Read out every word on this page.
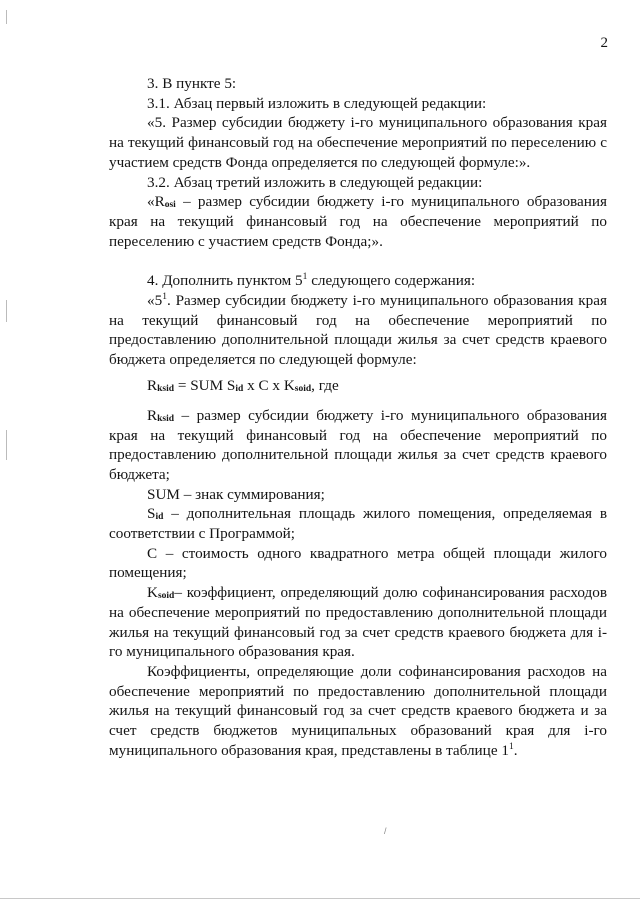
2

3. В пункте 5:

3.1. Абзац первый изложить в следующей редакции:

«5. Размер субсидии бюджету i-го муниципального образования края на текущий финансовый год на обеспечение мероприятий по переселению с участием средств Фонда определяется по следующей формуле:».

3.2. Абзац третий изложить в следующей редакции:

«$R_{osi}$ – размер субсидии бюджету i-го муниципального образования края на текущий финансовый год на обеспечение мероприятий по переселению с участием средств Фонда;».

4. Дополнить пунктом $5^1$ следующего содержания:

«$5^1$. Размер субсидии бюджету i-го муниципального образования края на текущий финансовый год на обеспечение мероприятий по предоставлению дополнительной площади жилья за счет средств краевого бюджета определяется по следующей формуле:

$R_{ksid}$ = SUM $S_{id}$ x C x $K_{soid}$, где

$R_{ksid}$ – размер субсидии бюджету i-го муниципального образования края на текущий финансовый год на обеспечение мероприятий по предоставлению дополнительной площади жилья за счет средств краевого бюджета;

SUM – знак суммирования;

$S_{id}$ – дополнительная площадь жилого помещения, определяемая в соответствии с Программой;

С – стоимость одного квадратного метра общей площади жилого помещения;

$K_{soid}-$ коэффициент, определяющий долю софинансирования расходов на обеспечение мероприятий по предоставлению дополнительной площади жилья на текущий финансовый год за счет средств краевого бюджета для i-го муниципального образования края.

Коэффициенты, определяющие доли софинансирования расходов на обеспечение мероприятий по предоставлению дополнительной площади жилья на текущий финансовый год за счет средств краевого бюджета и за счет средств бюджетов муниципальных образований края для i-го муниципального образования края, представлены в таблице $1^1$.

/
